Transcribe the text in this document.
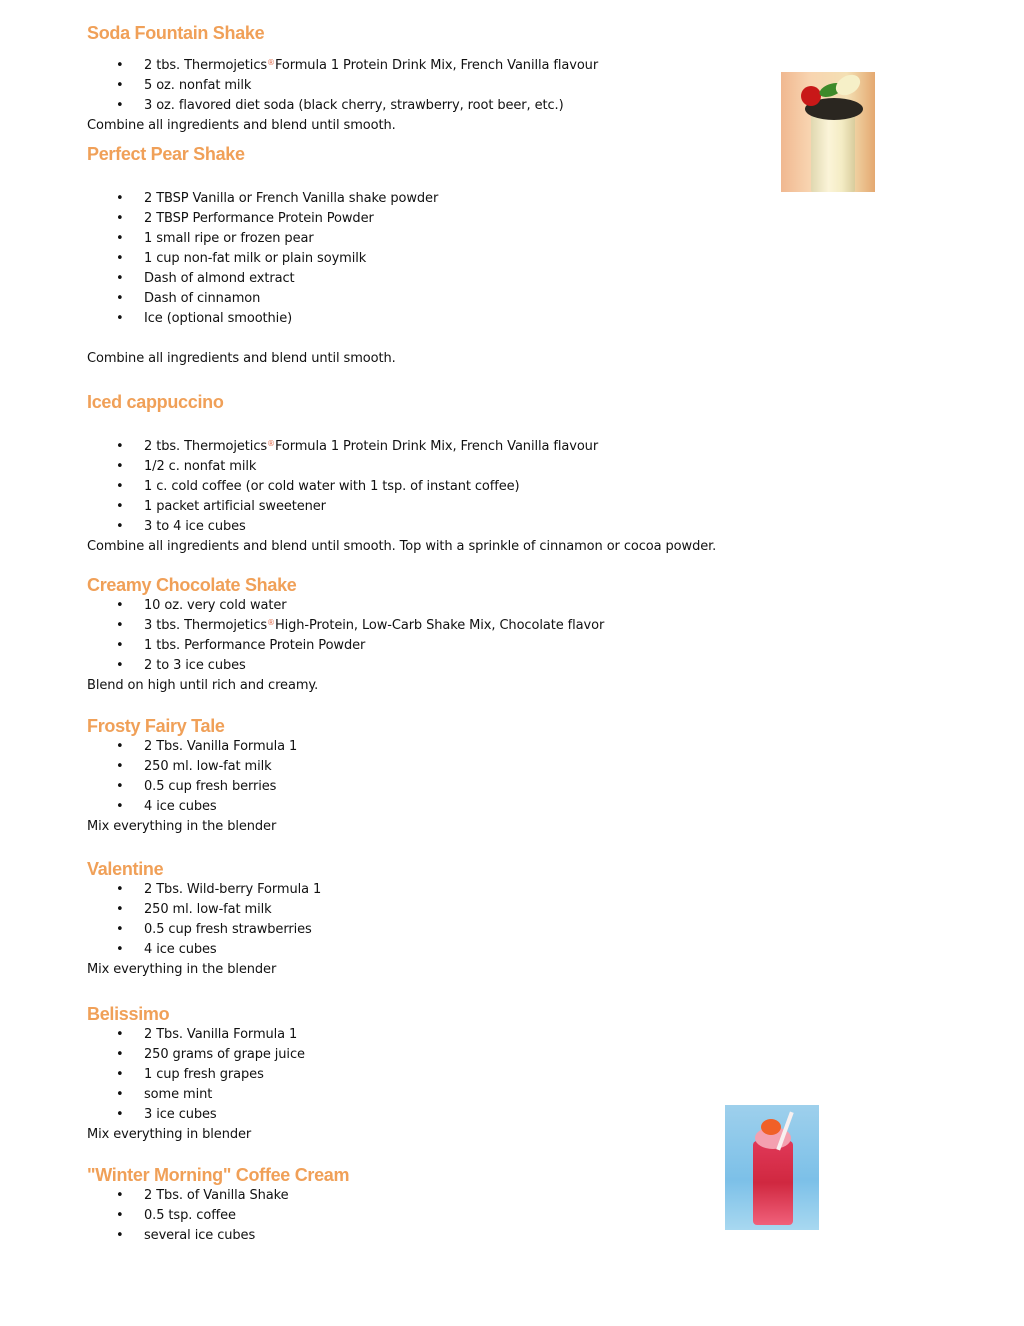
Soda Fountain Shake
• 2 tbs. Thermojetics®Formula 1 Protein Drink Mix, French Vanilla flavour
• 5 oz. nonfat milk
• 3 oz. flavored diet soda (black cherry, strawberry, root beer, etc.)
Combine all ingredients and blend until smooth.
Perfect Pear Shake
• 2 TBSP Vanilla or French Vanilla shake powder
• 2 TBSP Performance Protein Powder
• 1 small ripe or frozen pear
• 1 cup non-fat milk or plain soymilk
• Dash of almond extract
• Dash of cinnamon
• Ice (optional smoothie)
Combine all ingredients and blend until smooth.
Iced cappuccino
• 2 tbs. Thermojetics®Formula 1 Protein Drink Mix, French Vanilla flavour
• 1/2 c. nonfat milk
• 1 c. cold coffee (or cold water with 1 tsp. of instant coffee)
• 1 packet artificial sweetener
• 3 to 4 ice cubes
Combine all ingredients and blend until smooth. Top with a sprinkle of cinnamon or cocoa powder.
Creamy Chocolate Shake
• 10 oz. very cold water
• 3 tbs. Thermojetics®High-Protein, Low-Carb Shake Mix, Chocolate flavor
• 1 tbs. Performance Protein Powder
• 2 to 3 ice cubes
Blend on high until rich and creamy.
Frosty Fairy Tale
• 2 Tbs. Vanilla Formula 1
• 250 ml. low-fat milk
• 0.5 cup fresh berries
• 4 ice cubes
Mix everything in the blender
Valentine
• 2 Tbs. Wild-berry Formula 1
• 250 ml. low-fat milk
• 0.5 cup fresh strawberries
• 4 ice cubes
Mix everything in the blender
Belissimo
• 2 Tbs. Vanilla Formula 1
• 250 grams of grape juice
• 1 cup fresh grapes
• some mint
• 3 ice cubes
Mix everything in blender
"Winter Morning" Coffee Cream
• 2 Tbs. of Vanilla Shake
• 0.5 tsp. coffee
• several ice cubes
